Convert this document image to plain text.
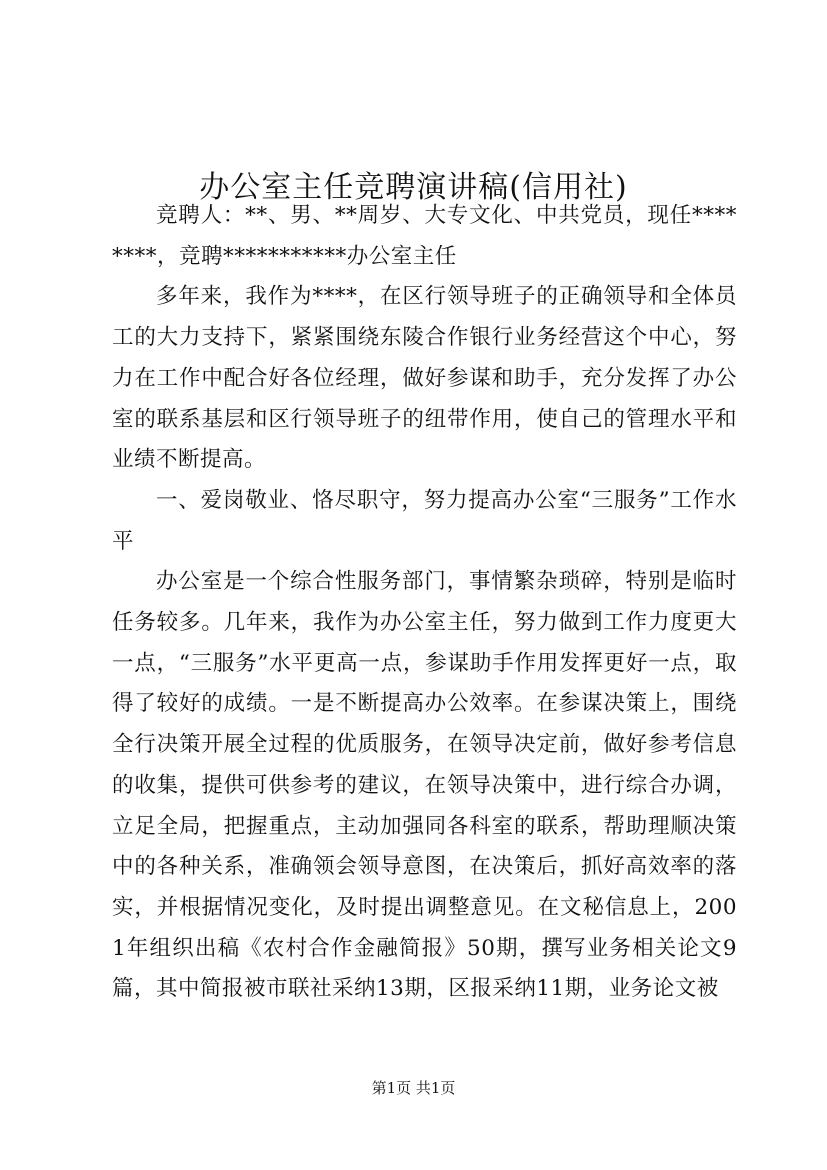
办公室主任竞聘演讲稿(信用社)

竞聘人：**、男、**周岁、大专文化、中共党员，现任********，竞聘***********办公室主任

多年来，我作为****，在区行领导班子的正确领导和全体员工的大力支持下，紧紧围绕东陵合作银行业务经营这个中心，努力在工作中配合好各位经理，做好参谋和助手，充分发挥了办公室的联系基层和区行领导班子的纽带作用，使自己的管理水平和业绩不断提高。

一、爱岗敬业、恪尽职守，努力提高办公室“三服务”工作水平

办公室是一个综合性服务部门，事情繁杂琐碎，特别是临时任务较多。几年来，我作为办公室主任，努力做到工作力度更大一点，“三服务”水平更高一点，参谋助手作用发挥更好一点，取得了较好的成绩。一是不断提高办公效率。在参谋决策上，围绕全行决策开展全过程的优质服务，在领导决定前，做好参考信息的收集，提供可供参考的建议，在领导决策中，进行综合办调，立足全局，把握重点，主动加强同各科室的联系，帮助理顺决策中的各种关系，准确领会领导意图，在决策后，抓好高效率的落实，并根据情况变化，及时提出调整意见。在文秘信息上，2001年组织出稿《农村合作金融简报》50期，撰写业务相关论文9篇，其中简报被市联社采纳13期，区报采纳11期，业务论文被

第1页 共1页
